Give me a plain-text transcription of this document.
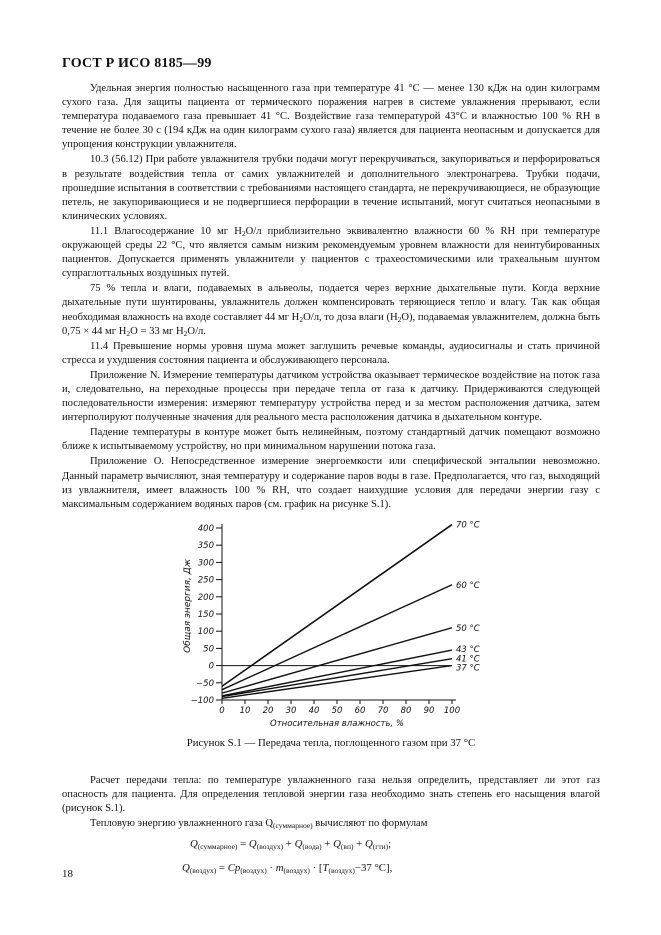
ГОСТ Р ИСО 8185—99

Удельная энергия полностью насыщенного газа при температуре 41 °С — менее 130 кДж на один килограмм сухого газа. Для защиты пациента от термического поражения нагрев в системе увлажнения прерывают, если температура подаваемого газа превышает 41 °С. Воздействие газа температурой 43°С и влажностью 100 % RH в течение не более 30 с (194 кДж на один килограмм сухого газа) является для пациента неопасным и допускается для упрощения конструкции увлажнителя.

10.3 (56.12) При работе увлажнителя трубки подачи могут перекручиваться, закупориваться и перфорироваться в результате воздействия тепла от самих увлажнителей и дополнительного электронагрева. Трубки подачи, прошедшие испытания в соответствии с требованиями настоящего стандарта, не перекручивающиеся, не образующие петель, не закупоривающиеся и не подвергшиеся перфорации в течение испытаний, могут считаться неопасными в клинических условиях.

11.1 Влагосодержание 10 мг $H_2O/л$ приблизительно эквивалентно влажности 60 % RH при температуре окружающей среды 22 °С, что является самым низким рекомендуемым уровнем влажности для неинтубированных пациентов. Допускается применять увлажнители у пациентов с трахеостомическими или трахеальным шунтом супраглоттальных воздушных путей.

75 % тепла и влаги, подаваемых в альвеолы, подается через верхние дыхательные пути. Когда верхние дыхательные пути шунтированы, увлажнитель должен компенсировать теряющиеся тепло и влагу. Так как общая необходимая влажность на входе составляет 44 мг $H_2O/л$, то доза влаги $(H_2O)$, подаваемая увлажнителем, должна быть 0,75 × 44 мг $H_2O = 33$ мг $H_2O/л$.

11.4 Превышение нормы уровня шума может заглушить речевые команды, аудиосигналы и стать причиной стресса и ухудшения состояния пациента и обслуживающего персонала.

Приложение N. Измерение температуры датчиком устройства оказывает термическое воздействие на поток газа и, следовательно, на переходные процессы при передаче тепла от газа к датчику. Придерживаются следующей последовательности измерения: измеряют температуру устройства перед и за местом расположения датчика, затем интерполируют полученные значения для реального места расположения датчика в дыхательном контуре.

Падение температуры в контуре может быть нелинейным, поэтому стандартный датчик помещают возможно ближе к испытываемому устройству, но при минимальном нарушении потока газа.

Приложение О. Непосредственное измерение энергоемкости или специфической энтальпии невозможно. Данный параметр вычисляют, зная температуру и содержание паров воды в газе. Предполагается, что газ, выходящий из увлажнителя, имеет влажность 100 % RH, что создает наихудшие условия для передачи энергии газу с максимальным содержанием водяных паров (см. график на рисунке S.1).

−100
−50
0
50
100
150
200
250
300
350
400
0 10 20 30 40 50 60 70 80 90 100
Относительная влажность, %
Общая энергия, Дж
70 °С
60 °С
50 °С
43 °С
41 °С
37 °С
Рисунок S.1 — Передача тепла, поглощенного газом при 37 °С

Расчет передачи тепла: по температуре увлажненного газа нельзя определить, представляет ли этот газ опасность для пациента. Для определения тепловой энергии газа необходимо знать степень его насыщения влагой (рисунок S.1).

Тепловую энергию увлажненного газа $Q_{(суммарное)}$ вычисляют по формулам

$Q_{(суммарное)} = Q_{(воздух)} + Q_{(вода)} + Q_{(вп)} + Q_{(гти)}$;
$Q_{(воздух)} = Cp_{(воздух)} \cdot m_{(воздух)} \cdot [T_{(воздух)}-37$ °С],
18
